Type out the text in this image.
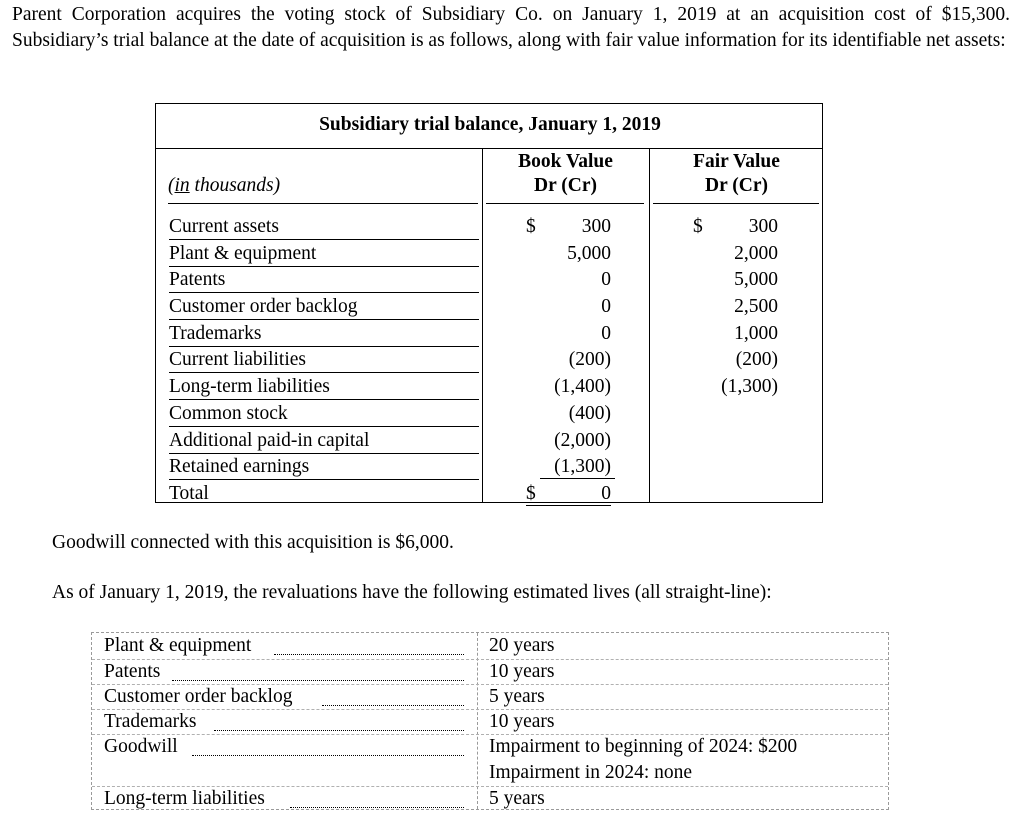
Parent Corporation acquires the voting stock of Subsidiary Co. on January 1, 2019 at an acquisition cost of $15,300. Subsidiary’s trial balance at the date of acquisition is as follows, along with fair value information for its identifiable net assets:

Subsidiary trial balance, January 1, 2019
(in thousands)
Book Value
Dr (Cr)
Fair Value
Dr (Cr)
Current assets	$ 300	$ 300
Plant & equipment	5,000	2,000
Patents	0	5,000
Customer order backlog	0	2,500
Trademarks	0	1,000
Current liabilities	(200)	(200)
Long-term liabilities	(1,400)	(1,300)
Common stock	(400)
Additional paid-in capital	(2,000)
Retained earnings	(1,300)
Total	$	0

Goodwill connected with this acquisition is $6,000.

As of January 1, 2019, the revaluations have the following estimated lives (all straight-line):

Plant & equipment	20 years
Patents	10 years
Customer order backlog	5 years
Trademarks	10 years
Goodwill	Impairment to beginning of 2024: $200
Impairment in 2024: none
Long-term liabilities	5 years
